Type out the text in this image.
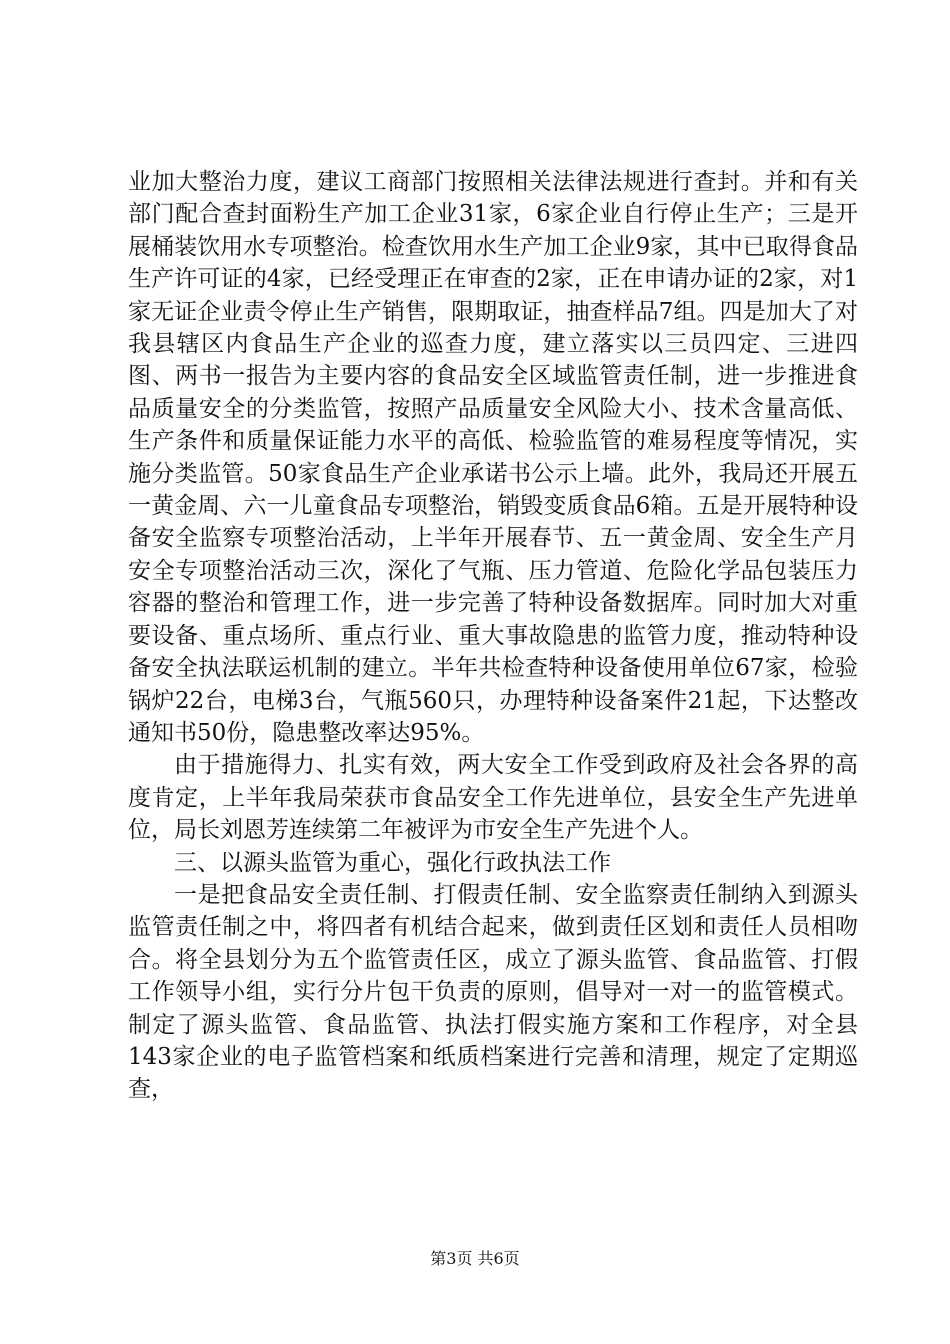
业加大整治力度，建议工商部门按照相关法律法规进行查封。并和有关部门配合查封面粉生产加工企业31家，6家企业自行停止生产；三是开展桶装饮用水专项整治。检查饮用水生产加工企业9家，其中已取得食品生产许可证的4家，已经受理正在审查的2家，正在申请办证的2家，对1家无证企业责令停止生产销售，限期取证，抽查样品7组。四是加大了对我县辖区内食品生产企业的巡查力度，建立落实以三员四定、三进四图、两书一报告为主要内容的食品安全区域监管责任制，进一步推进食品质量安全的分类监管，按照产品质量安全风险大小、技术含量高低、生产条件和质量保证能力水平的高低、检验监管的难易程度等情况，实施分类监管。50家食品生产企业承诺书公示上墙。此外，我局还开展五一黄金周、六一儿童食品专项整治，销毁变质食品6箱。五是开展特种设备安全监察专项整治活动，上半年开展春节、五一黄金周、安全生产月安全专项整治活动三次，深化了气瓶、压力管道、危险化学品包装压力容器的整治和管理工作，进一步完善了特种设备数据库。同时加大对重要设备、重点场所、重点行业、重大事故隐患的监管力度，推动特种设备安全执法联运机制的建立。半年共检查特种设备使用单位67家，检验锅炉22台，电梯3台，气瓶560只，办理特种设备案件21起，下达整改通知书50份，隐患整改率达95%。

由于措施得力、扎实有效，两大安全工作受到政府及社会各界的高度肯定，上半年我局荣获市食品安全工作先进单位，县安全生产先进单位，局长刘恩芳连续第二年被评为市安全生产先进个人。

三、以源头监管为重心，强化行政执法工作

一是把食品安全责任制、打假责任制、安全监察责任制纳入到源头监管责任制之中，将四者有机结合起来，做到责任区划和责任人员相吻合。将全县划分为五个监管责任区，成立了源头监管、食品监管、打假工作领导小组，实行分片包干负责的原则，倡导对一对一的监管模式。制定了源头监管、食品监管、执法打假实施方案和工作程序，对全县143家企业的电子监管档案和纸质档案进行完善和清理，规定了定期巡查，

第3页 共6页
